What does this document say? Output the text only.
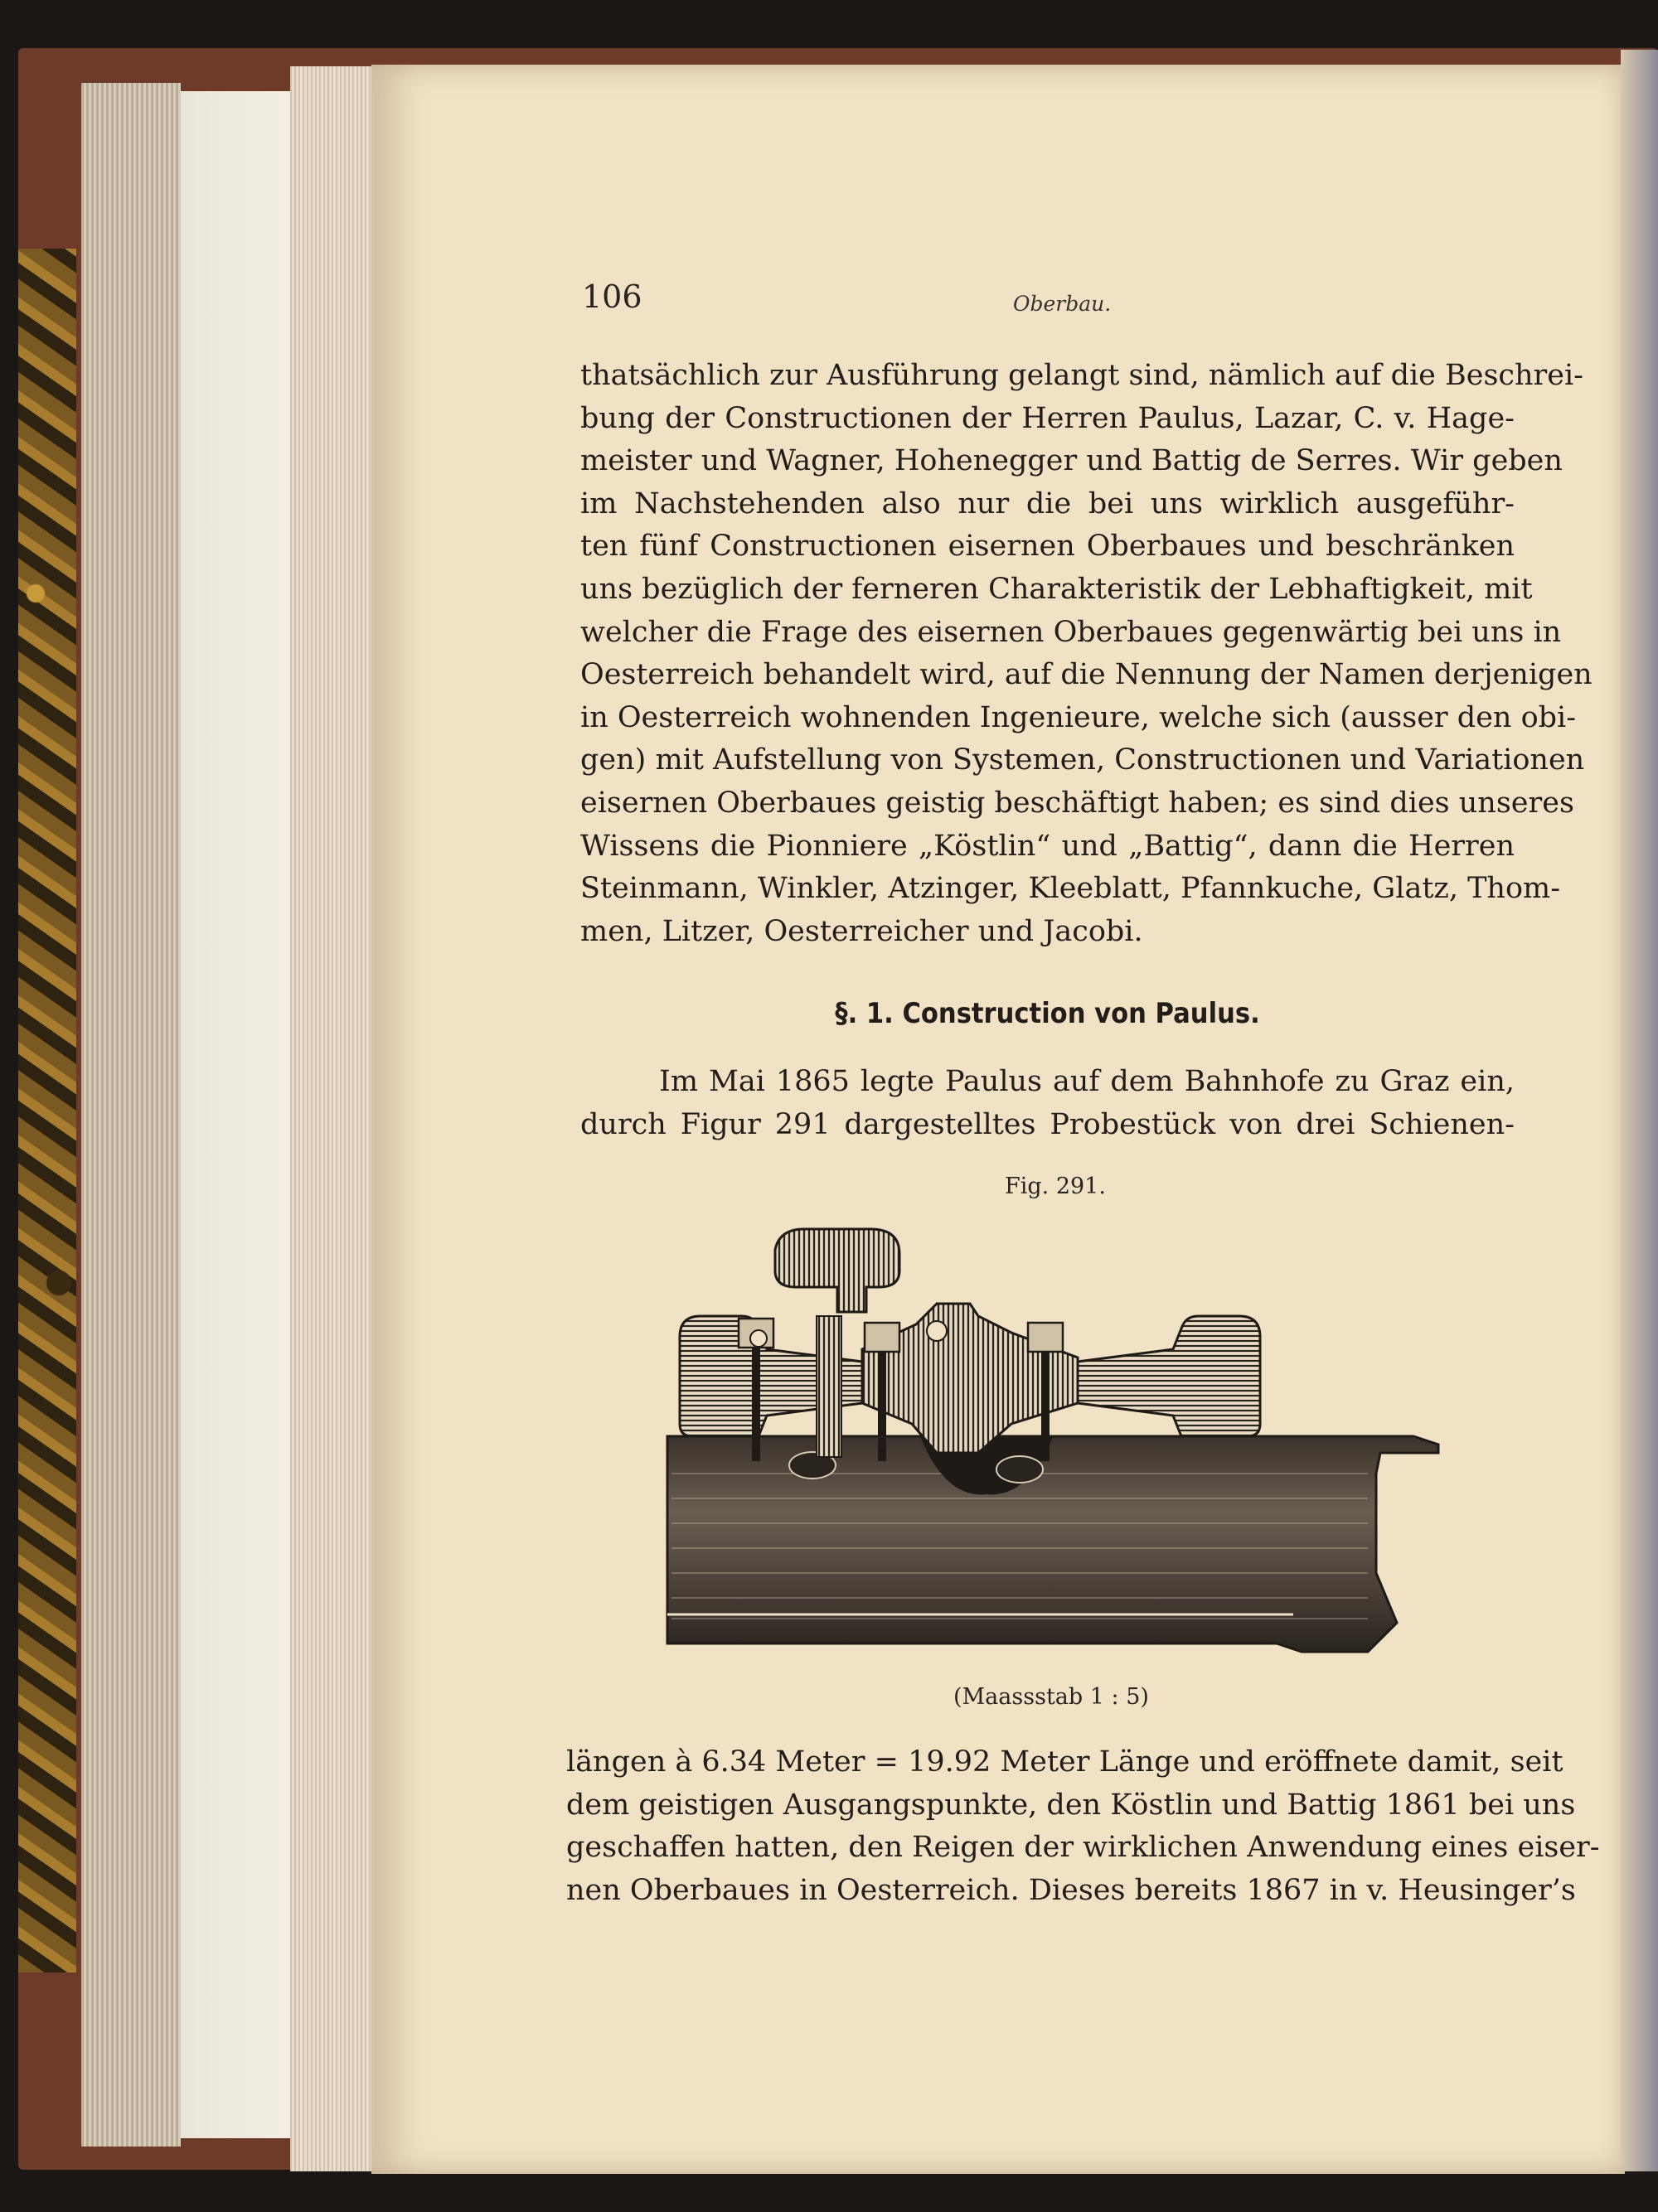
106	Oberbau.
thatsächlich zur Ausführung gelangt sind, nämlich auf die Beschrei-
bung der Constructionen der Herren Paulus, Lazar, C. v. Hage-
meister und Wagner, Hohenegger und Battig de Serres. Wir geben
im Nachstehenden also nur die bei uns wirklich ausgeführ-
ten fünf Constructionen eisernen Oberbaues und beschränken
uns bezüglich der ferneren Charakteristik der Lebhaftigkeit, mit
welcher die Frage des eisernen Oberbaues gegenwärtig bei uns in
Oesterreich behandelt wird, auf die Nennung der Namen derjenigen
in Oesterreich wohnenden Ingenieure, welche sich (ausser den obi-
gen) mit Aufstellung von Systemen, Constructionen und Variationen
eisernen Oberbaues geistig beschäftigt haben; es sind dies unseres
Wissens die Pionniere „Köstlin“ und „Battig“, dann die Herren
Steinmann, Winkler, Atzinger, Kleeblatt, Pfannkuche, Glatz, Thom-
men, Litzer, Oesterreicher und Jacobi.
§. 1. Construction von Paulus.
Im Mai 1865 legte Paulus auf dem Bahnhofe zu Graz ein,
durch Figur 291 dargestelltes Probestück von drei Schienen-
Fig. 291.
(Maassstab 1 : 5)
längen à 6.34 Meter = 19.92 Meter Länge und eröffnete damit, seit
dem geistigen Ausgangspunkte, den Köstlin und Battig 1861 bei uns
geschaffen hatten, den Reigen der wirklichen Anwendung eines eiser-
nen Oberbaues in Oesterreich. Dieses bereits 1867 in v. Heusinger’s
